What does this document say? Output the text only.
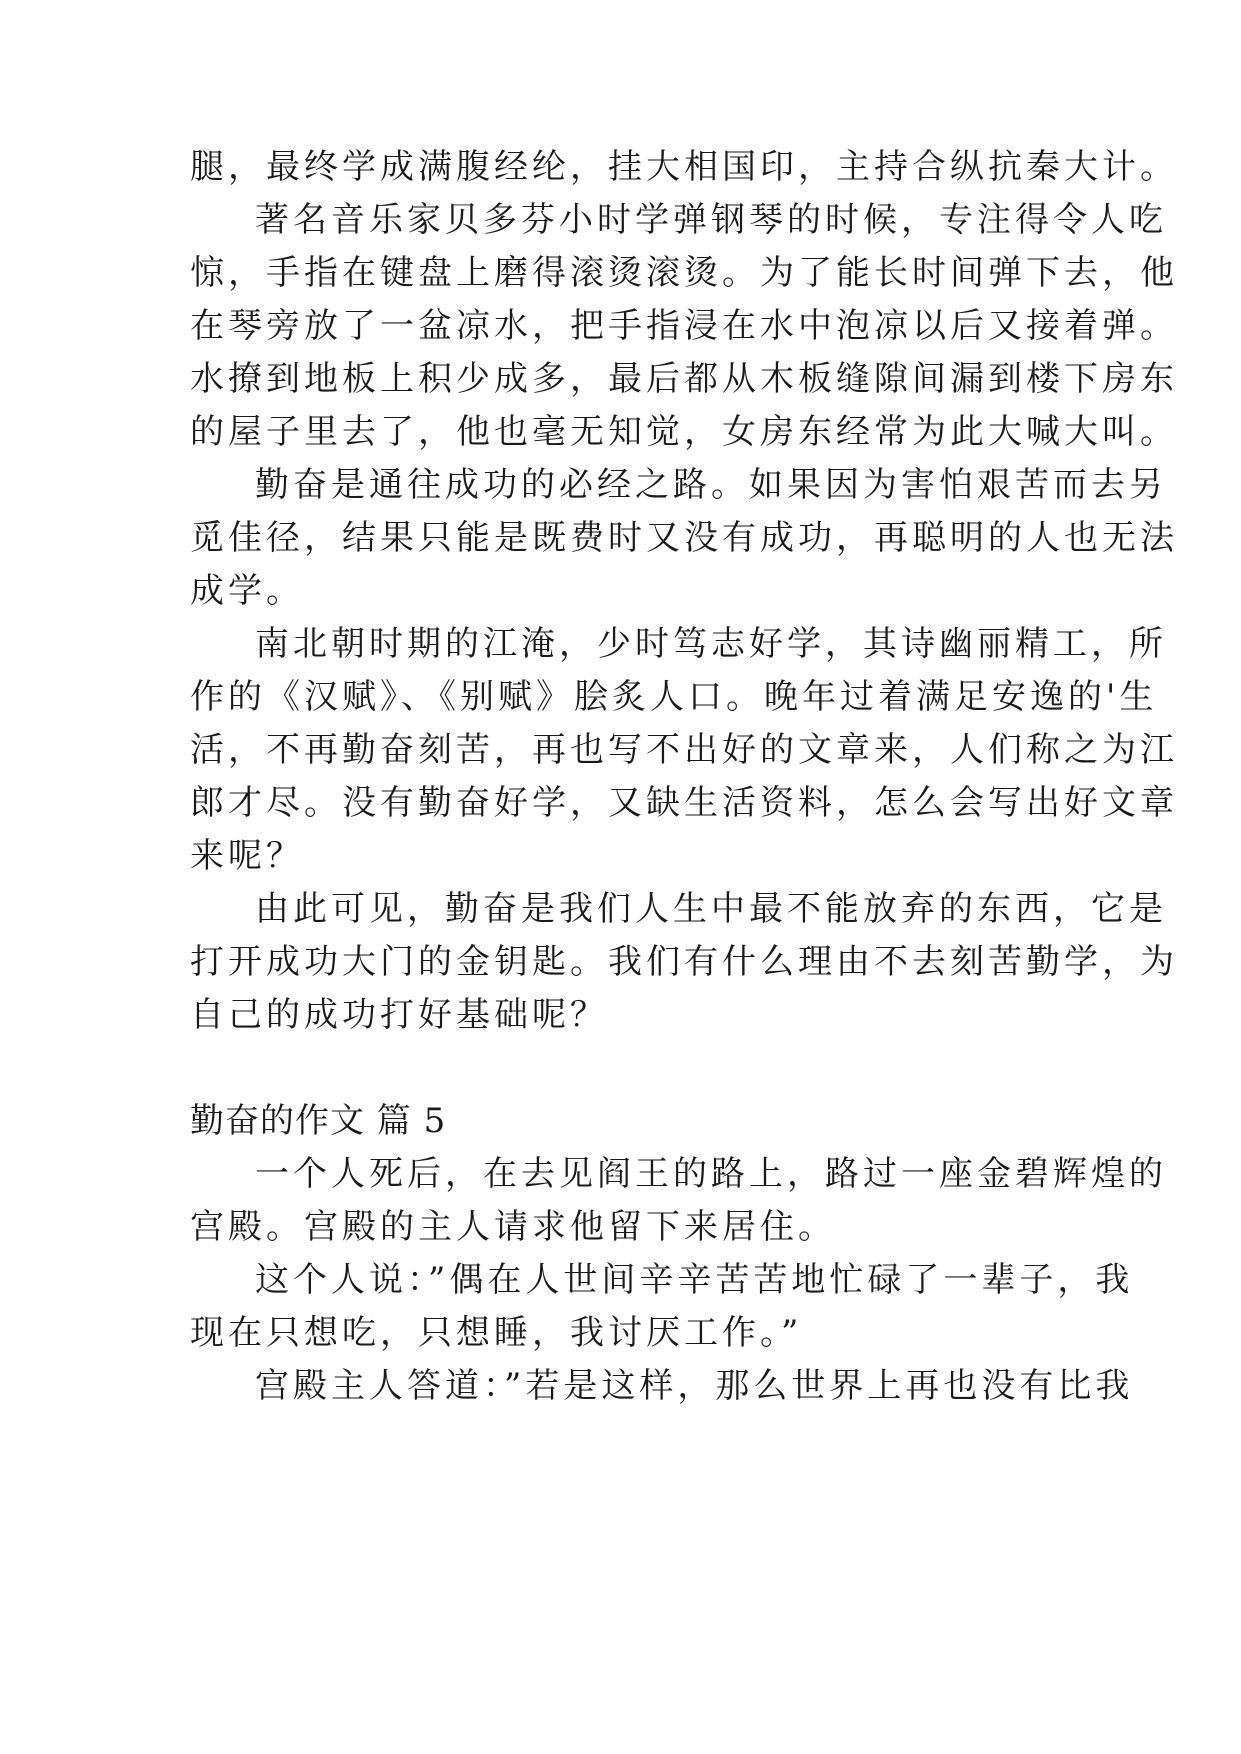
腿，最终学成满腹经纶，挂大相国印，主持合纵抗秦大计。
著名音乐家贝多芬小时学弹钢琴的时候，专注得令人吃
惊，手指在键盘上磨得滚烫滚烫。为了能长时间弹下去，他
在琴旁放了一盆凉水，把手指浸在水中泡凉以后又接着弹。
水撩到地板上积少成多，最后都从木板缝隙间漏到楼下房东
的屋子里去了，他也毫无知觉，女房东经常为此大喊大叫。
勤奋是通往成功的必经之路。如果因为害怕艰苦而去另
觅佳径，结果只能是既费时又没有成功，再聪明的人也无法
成学。
南北朝时期的江淹，少时笃志好学，其诗幽丽精工，所
作的《汉赋》、《别赋》脍炙人口。晚年过着满足安逸的'生
活，不再勤奋刻苦，再也写不出好的文章来，人们称之为江
郎才尽。没有勤奋好学，又缺生活资料，怎么会写出好文章
来呢？
由此可见，勤奋是我们人生中最不能放弃的东西，它是
打开成功大门的金钥匙。我们有什么理由不去刻苦勤学，为
自己的成功打好基础呢？
勤奋的作文 篇 5
一个人死后，在去见阎王的路上，路过一座金碧辉煌的
宫殿。宫殿的主人请求他留下来居住。
这个人说：”偶在人世间辛辛苦苦地忙碌了一辈子，我
现在只想吃，只想睡，我讨厌工作。”
宫殿主人答道：”若是这样，那么世界上再也没有比我
